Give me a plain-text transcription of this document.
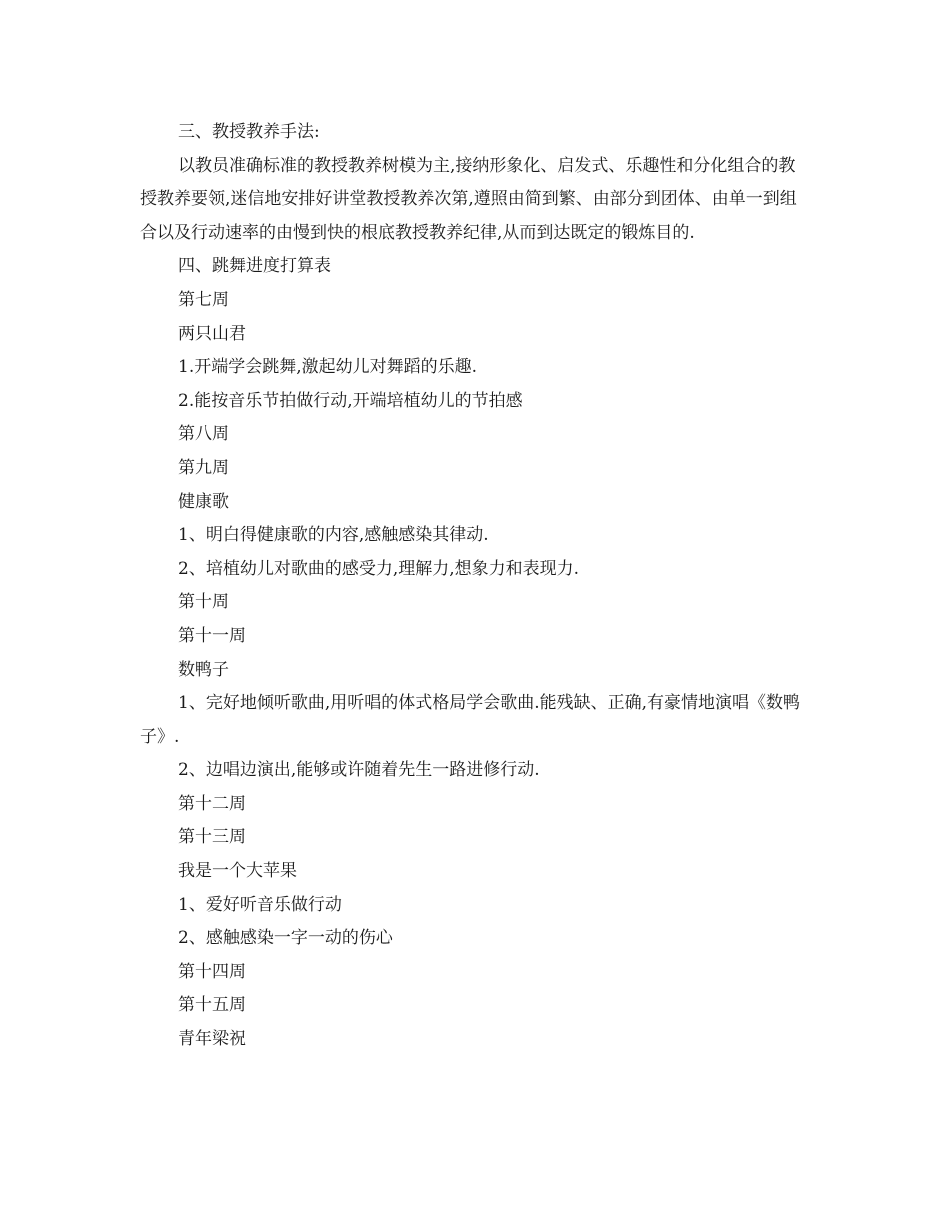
三、教授教养手法:

以教员准确标准的教授教养树模为主,接纳形象化、启发式、乐趣性和分化组合的教授教养要领,迷信地安排好讲堂教授教养次第,遵照由简到繁、由部分到团体、由单一到组合以及行动速率的由慢到快的根底教授教养纪律,从而到达既定的锻炼目的.

四、跳舞进度打算表

第七周

两只山君

1.开端学会跳舞,激起幼儿对舞蹈的乐趣.

2.能按音乐节拍做行动,开端培植幼儿的节拍感

第八周

第九周

健康歌

1、明白得健康歌的内容,感触感染其律动.

2、培植幼儿对歌曲的感受力,理解力,想象力和表现力.

第十周

第十一周

数鸭子

1、完好地倾听歌曲,用听唱的体式格局学会歌曲.能残缺、正确,有豪情地演唱《数鸭子》.

2、边唱边演出,能够或许随着先生一路进修行动.

第十二周

第十三周

我是一个大苹果

1、爱好听音乐做行动

2、感触感染一字一动的伤心

第十四周

第十五周

青年梁祝
